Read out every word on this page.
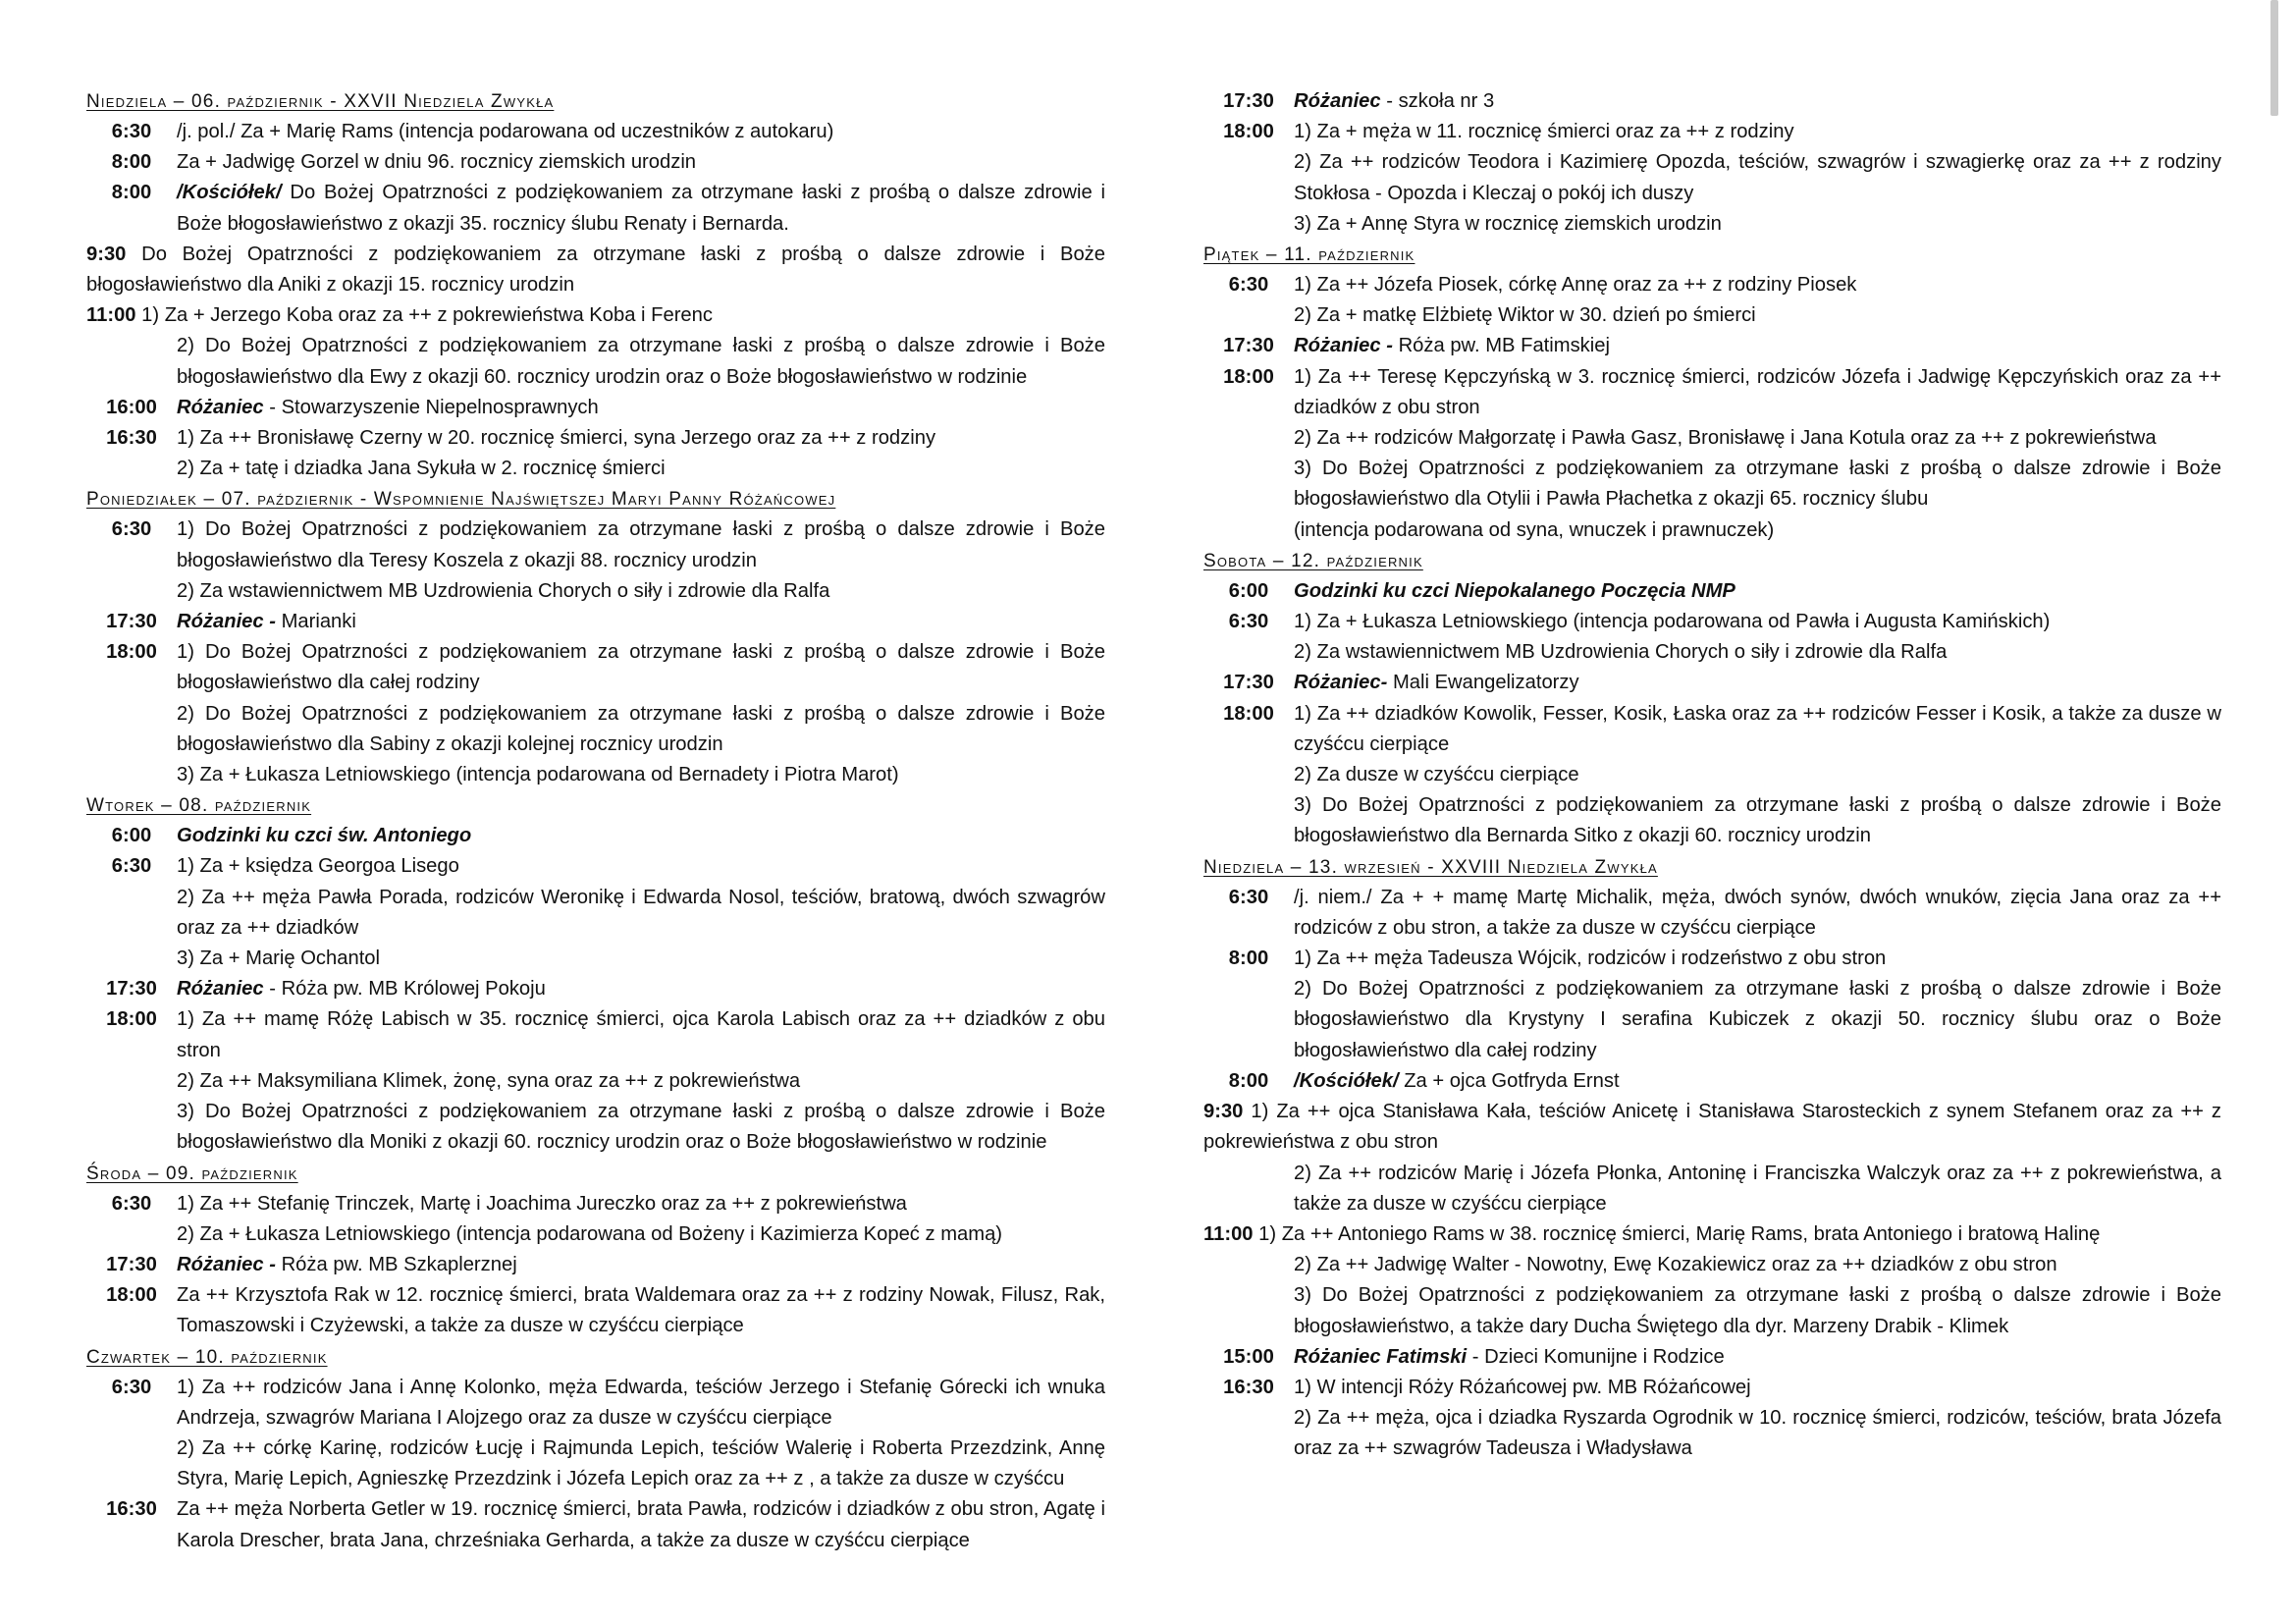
Niedziela – 06. październik - XXVII Niedziela Zwykła
6:30	/j. pol./ Za + Marię Rams (intencja podarowana od uczestników z autokaru)
8:00	Za + Jadwigę Gorzel w dniu 96. rocznicy ziemskich urodzin
8:00	/Kościółek/ Do Bożej Opatrzności z podziękowaniem za otrzymane łaski z prośbą o dalsze zdrowie i Boże błogosławieństwo z okazji 35. rocznicy ślubu Renaty i Bernarda.
9:30 Do Bożej Opatrzności z podziękowaniem za otrzymane łaski z prośbą o dalsze zdrowie i Boże błogosławieństwo dla Aniki z okazji 15. rocznicy urodzin
11:00 1) Za + Jerzego Koba oraz za ++ z pokrewieństwa Koba i Ferenc
2) Do Bożej Opatrzności z podziękowaniem za otrzymane łaski z prośbą o dalsze zdrowie i Boże błogosławieństwo dla Ewy z okazji 60. rocznicy urodzin oraz o Boże błogosławieństwo w rodzinie
16:00 Różaniec - Stowarzyszenie Niepelnosprawnych
16:30 1) Za ++ Bronisławę Czerny w 20. rocznicę śmierci, syna Jerzego oraz za ++ z rodziny
2) Za + tatę i dziadka Jana Sykuła w 2. rocznicę śmierci
Poniedziałek – 07. październik - Wspomnienie Najświętszej Maryi Panny Różańcowej
6:30	1) Do Bożej Opatrzności z podziękowaniem za otrzymane łaski z prośbą o dalsze zdrowie i Boże błogosławieństwo dla Teresy Koszela z okazji 88. rocznicy urodzin
2) Za wstawiennictwem MB Uzdrowienia Chorych o siły i zdrowie dla Ralfa
17:30 Różaniec - Marianki
18:00 1) Do Bożej Opatrzności z podziękowaniem za otrzymane łaski z prośbą o dalsze zdrowie i Boże błogosławieństwo dla całej rodziny
2) Do Bożej Opatrzności z podziękowaniem za otrzymane łaski z prośbą o dalsze zdrowie i Boże błogosławieństwo dla Sabiny z okazji kolejnej rocznicy urodzin
3) Za + Łukasza Letniowskiego (intencja podarowana od Bernadety i Piotra Marot)
Wtorek – 08. październik
6:00	Godzinki ku czci św. Antoniego
6:30	1) Za + księdza Georgoa Lisego
2) Za ++ męża Pawła Porada, rodziców Weronikę i Edwarda Nosol, teściów, bratową, dwóch szwagrów oraz za ++ dziadków
3) Za + Marię Ochantol
17:30 Różaniec - Róża pw. MB Królowej Pokoju
18:00 1) Za ++ mamę Różę Labisch w 35. rocznicę śmierci, ojca Karola Labisch oraz za ++ dziadków z obu stron
2) Za ++ Maksymiliana Klimek, żonę, syna oraz za ++ z pokrewieństwa
3) Do Bożej Opatrzności z podziękowaniem za otrzymane łaski z prośbą o dalsze zdrowie i Boże błogosławieństwo dla Moniki z okazji 60. rocznicy urodzin oraz o Boże błogosławieństwo w rodzinie
Środa – 09. październik
6:30	1) Za ++ Stefanię Trinczek, Martę i Joachima Jureczko oraz za ++ z pokrewieństwa
2) Za + Łukasza Letniowskiego (intencja podarowana od Bożeny i Kazimierza Kopeć z mamą)
17:30 Różaniec - Róża pw. MB Szkaplerznej
18:00 Za ++ Krzysztofa Rak w 12. rocznicę śmierci, brata Waldemara oraz za ++ z rodziny Nowak, Filusz, Rak, Tomaszowski i Czyżewski, a także za dusze w czyśćcu cierpiące
Czwartek – 10. październik
6:30	1) Za ++ rodziców Jana i Annę Kolonko, męża Edwarda, teściów Jerzego i Stefanię Górecki ich wnuka Andrzeja, szwagrów Mariana I Alojzego oraz za dusze w czyśćcu cierpiące
2) Za ++ córkę Karinę, rodziców Łucję i Rajmunda Lepich, teściów Walerię i Roberta Przezdzink, Annę Styra, Marię Lepich, Agnieszkę Przezdzink i Józefa Lepich oraz za ++ z , a także za dusze w czyśćcu
16:30 Za ++ męża Norberta Getler w 19. rocznicę śmierci, brata Pawła, rodziców i dziadków z obu stron, Agatę i Karola Drescher, brata Jana, chrześniaka Gerharda, a także za dusze w czyśćcu cierpiące
17:30 Różaniec - szkoła nr 3
18:00 1) Za + męża w 11. rocznicę śmierci oraz za ++ z rodziny
2) Za ++ rodziców Teodora i Kazimierę Opozda, teściów, szwagrów i szwagierkę oraz za ++ z rodziny Stokłosa - Opozda i Kleczaj o pokój ich duszy
3) Za + Annę Styra w rocznicę ziemskich urodzin
Piątek – 11. październik
6:30	1) Za ++ Józefa Piosek, córkę Annę oraz za ++ z rodziny Piosek
2) Za + matkę Elżbietę Wiktor w 30. dzień po śmierci
17:30 Różaniec - Róża pw. MB Fatimskiej
18:00 1) Za ++ Teresę Kępczyńską w 3. rocznicę śmierci, rodziców Józefa i Jadwigę Kępczyńskich oraz za ++ dziadków z obu stron
2) Za ++ rodziców Małgorzatę i Pawła Gasz, Bronisławę i Jana Kotula oraz za ++ z pokrewieństwa
3) Do Bożej Opatrzności z podziękowaniem za otrzymane łaski z prośbą o dalsze zdrowie i Boże błogosławieństwo dla Otylii i Pawła Płachetka z okazji 65. rocznicy ślubu
(intencja podarowana od syna, wnuczek i prawnuczek)
Sobota – 12. październik
6:00	Godzinki ku czci Niepokalanego Poczęcia NMP
6:30	1) Za + Łukasza Letniowskiego (intencja podarowana od Pawła i Augusta Kamińskich)
2) Za wstawiennictwem MB Uzdrowienia Chorych o siły i zdrowie dla Ralfa
17:30 Różaniec- Mali Ewangelizatorzy
18:00 1) Za ++ dziadków Kowolik, Fesser, Kosik, Łaska oraz za ++ rodziców Fesser i Kosik, a także za dusze w czyśćcu cierpiące
2) Za dusze w czyśćcu cierpiące
3) Do Bożej Opatrzności z podziękowaniem za otrzymane łaski z prośbą o dalsze zdrowie i Boże błogosławieństwo dla Bernarda Sitko z okazji 60. rocznicy urodzin
Niedziela – 13. wrzesień - XXVIII Niedziela Zwykła
6:30	/j. niem./ Za + + mamę Martę Michalik, męża, dwóch synów, dwóch wnuków, zięcia Jana oraz za ++ rodziców z obu stron, a także za dusze w czyśćcu cierpiące
8:00	1) Za ++ męża Tadeusza Wójcik, rodziców i rodzeństwo z obu stron
2) Do Bożej Opatrzności z podziękowaniem za otrzymane łaski z prośbą o dalsze zdrowie i Boże błogosławieństwo dla Krystyny I serafina Kubiczek z okazji 50. rocznicy ślubu oraz o Boże błogosławieństwo dla całej rodziny
8:00	/Kościółek/ Za + ojca Gotfryda Ernst
9:30 1) Za ++ ojca Stanisława Kała, teściów Anicetę i Stanisława Starosteckich z synem Stefanem oraz za ++ z pokrewieństwa z obu stron
2) Za ++ rodziców Marię i Józefa Płonka, Antoninę i Franciszka Walczyk oraz za ++ z pokrewieństwa, a także za dusze w czyśćcu cierpiące
11:00 1) Za ++ Antoniego Rams w 38. rocznicę śmierci, Marię Rams, brata Antoniego i bratową Halinę
2) Za ++ Jadwigę Walter - Nowotny, Ewę Kozakiewicz oraz za ++ dziadków z obu stron
3) Do Bożej Opatrzności z podziękowaniem za otrzymane łaski z prośbą o dalsze zdrowie i Boże błogosławieństwo, a także dary Ducha Świętego dla dyr. Marzeny Drabik - Klimek
15:00 Różaniec Fatimski - Dzieci Komunijne i Rodzice
16:30 1) W intencji Róży Różańcowej pw. MB Różańcowej
2) Za ++ męża, ojca i dziadka Ryszarda Ogrodnik w 10. rocznicę śmierci, rodziców, teściów, brata Józefa oraz za ++ szwagrów Tadeusza i Władysława
